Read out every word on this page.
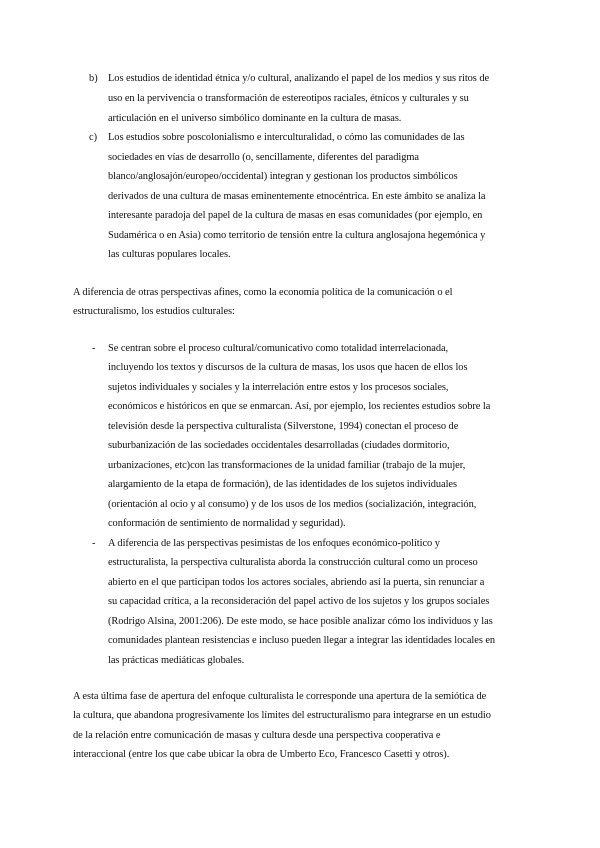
b) Los estudios de identidad étnica y/o cultural, analizando el papel de los medios y sus ritos de
uso en la pervivencia o transformación de estereotipos raciales, étnicos y culturales y su
articulación en el universo simbólico dominante en la cultura de masas.
c) Los estudios sobre poscolonialismo e interculturalidad, o cómo las comunidades de las
sociedades en vías de desarrollo (o, sencillamente, diferentes del paradigma
blanco/anglosajón/europeo/occidental) integran y gestionan los productos simbólicos
derivados de una cultura de masas eminentemente etnocéntrica. En este ámbito se analiza la
interesante paradoja del papel de la cultura de masas en esas comunidades (por ejemplo, en
Sudamérica o en Asia) como territorio de tensión entre la cultura anglosajona hegemónica y
las culturas populares locales.
A diferencia de otras perspectivas afines, como la economía política de la comunicación o el
estructuralismo, los estudios culturales:
- Se centran sobre el proceso cultural/comunicativo como totalidad interrelacionada,
incluyendo los textos y discursos de la cultura de masas, los usos que hacen de ellos los
sujetos individuales y sociales y la interrelación entre estos y los procesos sociales,
económicos e históricos en que se enmarcan. Así, por ejemplo, los recientes estudios sobre la
televisión desde la perspectiva culturalista (Silverstone, 1994) conectan el proceso de
suburbanización de las sociedades occidentales desarrolladas (ciudades dormitorio,
urbanizaciones, etc)con las transformaciones de la unidad familiar (trabajo de la mujer,
alargamiento de la etapa de formación), de las identidades de los sujetos individuales
(orientación al ocio y al consumo) y de los usos de los medios (socialización, integración,
conformación de sentimiento de normalidad y seguridad).
- A diferencia de las perspectivas pesimistas de los enfoques económico-político y
estructuralista, la perspectiva culturalista aborda la construcción cultural como un proceso
abierto en el que participan todos los actores sociales, abriendo así la puerta, sin renunciar a
su capacidad crítica, a la reconsideración del papel activo de los sujetos y los grupos sociales
(Rodrigo Alsina, 2001:206). De este modo, se hace posible analizar cómo los individuos y las
comunidades plantean resistencias e incluso pueden llegar a integrar las identidades locales en
las prácticas mediáticas globales.
A esta última fase de apertura del enfoque culturalista le corresponde una apertura de la semiótica de
la cultura, que abandona progresivamente los límites del estructuralismo para integrarse en un estudio
de la relación entre comunicación de masas y cultura desde una perspectiva cooperativa e
interaccional (entre los que cabe ubicar la obra de Umberto Eco, Francesco Casetti y otros).
